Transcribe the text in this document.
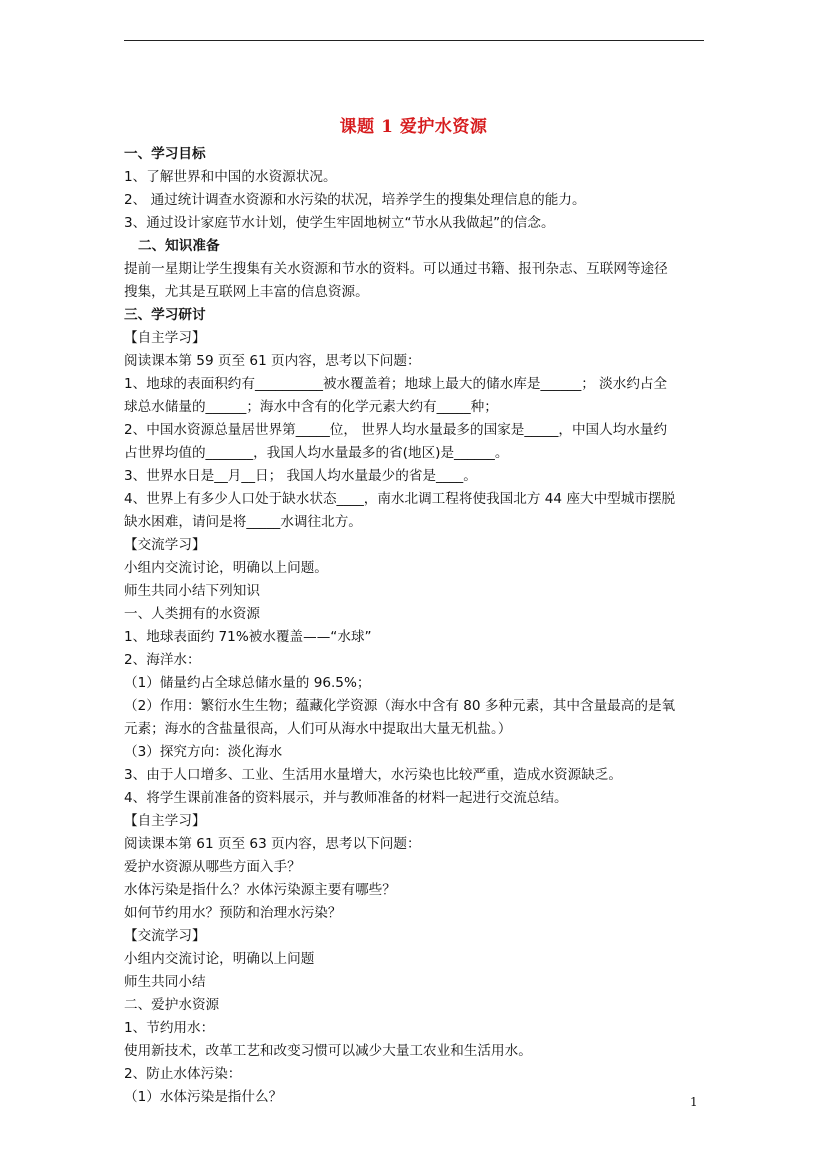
课题 1 爱护水资源
一、学习目标
1、了解世界和中国的水资源状况。
2、 通过统计调查水资源和水污染的状况，培养学生的搜集处理信息的能力。
3、通过设计家庭节水计划，使学生牢固地树立“节水从我做起”的信念。
二、知识准备
提前一星期让学生搜集有关水资源和节水的资料。可以通过书籍、报刊杂志、互联网等途径
搜集，尤其是互联网上丰富的信息资源。
三、学习研讨
【自主学习】
阅读课本第 59 页至 61 页内容，思考以下问题：
1、地球的表面积约有__________被水覆盖着；地球上最大的储水库是______； 淡水约占全
球总水储量的______；海水中含有的化学元素大约有_____种；
2、中国水资源总量居世界第_____位， 世界人均水量最多的国家是_____，中国人均水量约
占世界均值的_______，我国人均水量最多的省(地区)是______。
3、世界水日是__月__日； 我国人均水量最少的省是____。
4、世界上有多少人口处于缺水状态____，南水北调工程将使我国北方 44 座大中型城市摆脱
缺水困难，请问是将_____水调往北方。
【交流学习】
小组内交流讨论，明确以上问题。
师生共同小结下列知识
一、人类拥有的水资源
1、地球表面约 71%被水覆盖——“水球”
2、海洋水：
（1）储量约占全球总储水量的 96.5%；
（2）作用：繁衍水生生物；蕴藏化学资源（海水中含有 80 多种元素，其中含量最高的是氧
元素；海水的含盐量很高，人们可从海水中提取出大量无机盐。）
（3）探究方向：淡化海水
3、由于人口增多、工业、生活用水量增大，水污染也比较严重，造成水资源缺乏。
4、将学生课前准备的资料展示，并与教师准备的材料一起进行交流总结。
【自主学习】
阅读课本第 61 页至 63 页内容，思考以下问题：
爱护水资源从哪些方面入手？
水体污染是指什么？水体污染源主要有哪些？
如何节约用水？预防和治理水污染？
【交流学习】
小组内交流讨论，明确以上问题
师生共同小结
二、爱护水资源
1、节约用水：
使用新技术，改革工艺和改变习惯可以减少大量工农业和生活用水。
2、防止水体污染：
（1）水体污染是指什么？	1
